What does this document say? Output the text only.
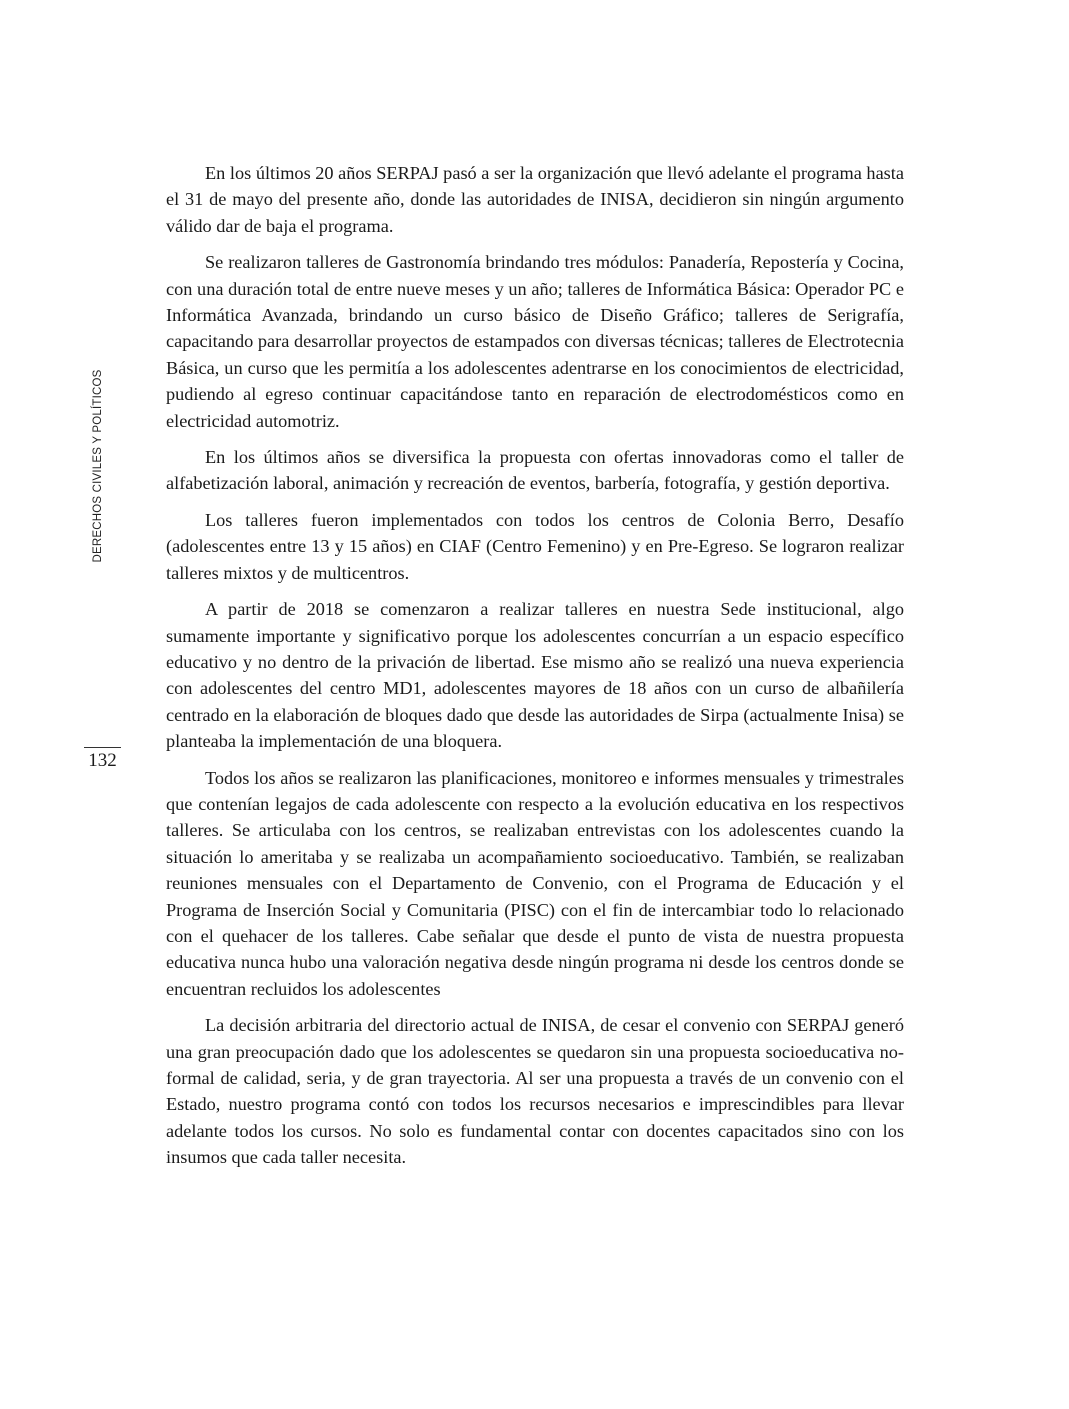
DERECHOS CIVILES Y POLÍTICOS
132

En los últimos 20 años SERPAJ pasó a ser la organización que llevó adelante el programa hasta el 31 de mayo del presente año, donde las autoridades de INISA, decidieron sin ningún argumento válido dar de baja el programa.

Se realizaron talleres de Gastronomía brindando tres módulos: Panadería, Repostería y Cocina, con una duración total de entre nueve meses y un año; talleres de Informática Básica: Operador PC e Informática Avanzada, brindando un curso básico de Diseño Gráfico; talleres de Serigrafía, capacitando para desarrollar proyectos de estampados con diversas técnicas; talleres de Electrotecnia Básica, un curso que les permitía a los adolescentes adentrarse en los conocimientos de electricidad, pudiendo al egreso continuar capacitándose tanto en reparación de electrodomésticos como en electricidad automotriz.

En los últimos años se diversifica la propuesta con ofertas innovadoras como el taller de alfabetización laboral, animación y recreación de eventos, barbería, fotografía, y gestión deportiva.

Los talleres fueron implementados con todos los centros de Colonia Berro, Desafío (adolescentes entre 13 y 15 años) en CIAF (Centro Femenino) y en Pre-Egreso. Se lograron realizar talleres mixtos y de multicentros.

A partir de 2018 se comenzaron a realizar talleres en nuestra Sede institucional, algo sumamente importante y significativo porque los adolescentes concurrían a un espacio específico educativo y no dentro de la privación de libertad. Ese mismo año se realizó una nueva experiencia con adolescentes del centro MD1, adolescentes mayores de 18 años con un curso de albañilería centrado en la elaboración de bloques dado que desde las autoridades de Sirpa (actualmente Inisa) se planteaba la implementación de una bloquera.

Todos los años se realizaron las planificaciones, monitoreo e informes mensuales y trimestrales que contenían legajos de cada adolescente con respecto a la evolución educativa en los respectivos talleres. Se articulaba con los centros, se realizaban entrevistas con los adolescentes cuando la situación lo ameritaba y se realizaba un acompañamiento socioeducativo. También, se realizaban reuniones mensuales con el Departamento de Convenio, con el Programa de Educación y el Programa de Inserción Social y Comunitaria (PISC) con el fin de intercambiar todo lo relacionado con el quehacer de los talleres. Cabe señalar que desde el punto de vista de nuestra propuesta educativa nunca hubo una valoración negativa desde ningún programa ni desde los centros donde se encuentran recluidos los adolescentes

La decisión arbitraria del directorio actual de INISA, de cesar el convenio con SERPAJ generó una gran preocupación dado que los adolescentes se quedaron sin una propuesta socioeducativa no-formal de calidad, seria, y de gran trayectoria. Al ser una propuesta a través de un convenio con el Estado, nuestro programa contó con todos los recursos necesarios e imprescindibles para llevar adelante todos los cursos. No solo es fundamental contar con docentes capacitados sino con los insumos que cada taller necesita.
